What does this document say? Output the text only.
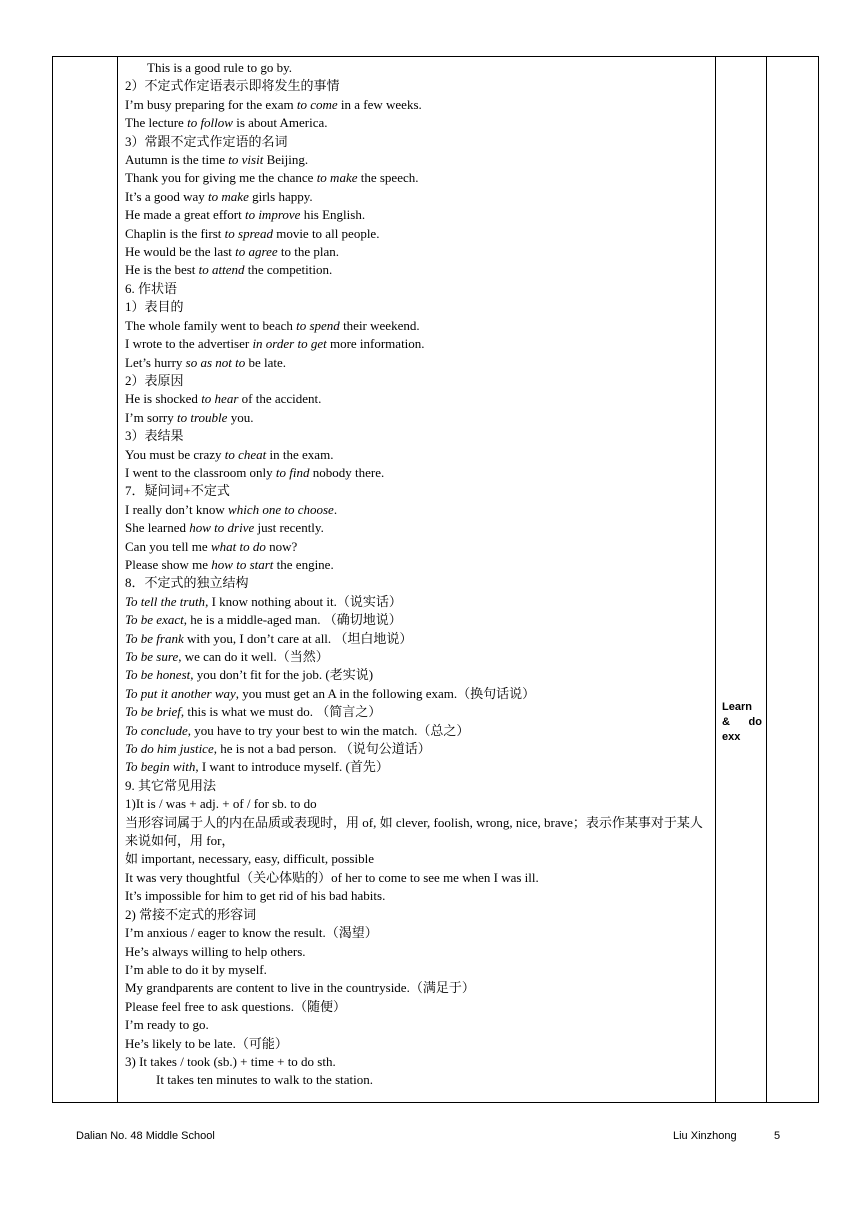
This is a good rule to go by.
2）不定式作定语表示即将发生的事情
I’m busy preparing for the exam to come in a few weeks.
The lecture to follow is about America.
3）常跟不定式作定语的名词
Autumn is the time to visit Beijing.
Thank you for giving me the chance to make the speech.
It’s a good way to make girls happy.
He made a great effort to improve his English.
Chaplin is the first to spread movie to all people.
He would be the last to agree to the plan.
He is the best to attend the competition.
6. 作状语
1）表目的
The whole family went to beach to spend their weekend.
I wrote to the advertiser in order to get more information.
Let’s hurry so as not to be late.
2）表原因
He is shocked to hear of the accident.
I’m sorry to trouble you.
3）表结果
You must be crazy to cheat in the exam.
I went to the classroom only to find nobody there.
7．疑问词+不定式
I really don’t know which one to choose.
She learned how to drive just recently.
Can you tell me what to do now?
Please show me how to start the engine.
8．不定式的独立结构
To tell the truth, I know nothing about it.（说实话）
To be exact, he is a middle-aged man. （确切地说）
To be frank with you, I don’t care at all. （坦白地说）
To be sure, we can do it well.（当然）
To be honest, you don’t fit for the job. (老实说)
To put it another way, you must get an A in the following exam.（换句话说）
To be brief, this is what we must do. （简言之）
To conclude, you have to try your best to win the match.（总之）
To do him justice, he is not a bad person. （说句公道话）
To begin with, I want to introduce myself. (首先）
9. 其它常见用法
1)It is / was + adj. + of / for sb. to do
当形容词属于人的内在品质或表现时，用 of, 如 clever, foolish, wrong, nice, brave；表示作某事对于某人来说如何，用 for，
如 important, necessary, easy, difficult, possible
It was very thoughtful（关心体贴的）of her to come to see me when I was ill.
It’s impossible for him to get rid of his bad habits.
2) 常接不定式的形容词
I’m anxious / eager to know the result.（渴望）
He’s always willing to help others.
I’m able to do it by myself.
My grandparents are content to live in the countryside.（满足于）
Please feel free to ask questions.（随便）
I’m ready to go.
He’s likely to be late.（可能）
3) It takes / took (sb.) + time + to do sth.
It takes ten minutes to walk to the station.
Learn
& do
exx
Dalian No. 48 Middle School	Liu Xinzhong	5
